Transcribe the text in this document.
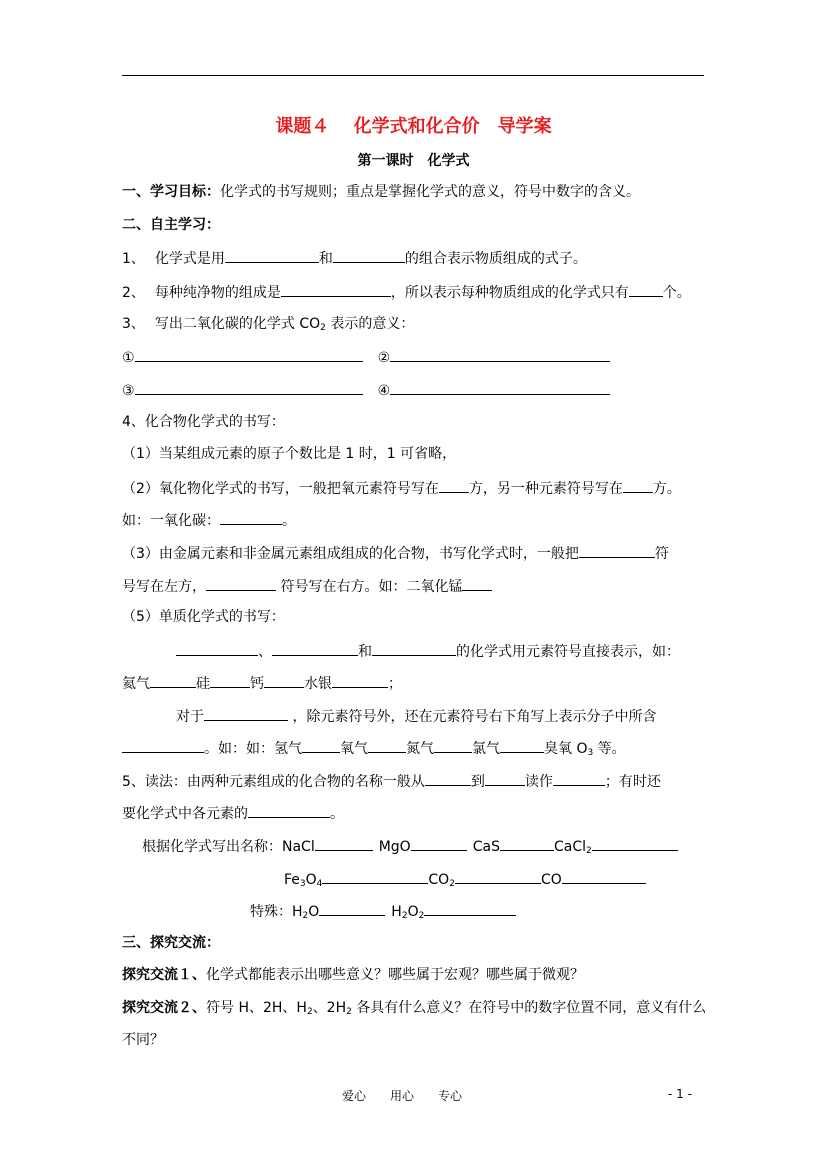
课题４　 化学式和化合价　导学案
第一课时　化学式
一、学习目标：化学式的书写规则；重点是掌握化学式的意义，符号中数字的含义。
二、自主学习：
1、 化学式是用	和	的组合表示物质组成的式子。
2、 每种纯净物的组成是	，所以表示每种物质组成的化学式只有 个。
3、 写出二氧化碳的化学式 $CO_2$ 表示的意义：
①	②
③	④
4、化合物化学式的书写：
（1）当某组成元素的原子个数比是 1 时，1 可省略，
（2）氧化物化学式的书写，一般把氧元素符号写在 方，另一种元素符号写在 方。
如：一氧化碳：	。
（3）由金属元素和非金属元素组成组成的化合物，书写化学式时，一般把	符
号写在左方，	符号写在右方。如：二氧化锰
（5）单质化学式的书写：
、	和	的化学式用元素符号直接表示，如：
氦气	硅	钙	水银	；
对于	，除元素符号外，还在元素符号右下角写上表示分子中所含
。如：如：氢气	氧气	氮气	氯气	臭氧 $O_3$ 等。
5、读法：由两种元素组成的化合物的名称一般从	到	读作	；有时还
要化学式中各元素的	。
根据化学式写出名称：NaCl	MgO	CaS	CaCl$_2$
$Fe_3O_4$	$CO_2$	CO
特殊：$H_2O$	$H_2O_2$
三、探究交流：
探究交流１、化学式都能表示出哪些意义？哪些属于宏观？哪些属于微观？
探究交流２、符号 H、2H、$H_2$、$2H_2$ 各具有什么意义？在符号中的数字位置不同，意义有什么
不同？
爱心　　用心　　专心	- 1 -
